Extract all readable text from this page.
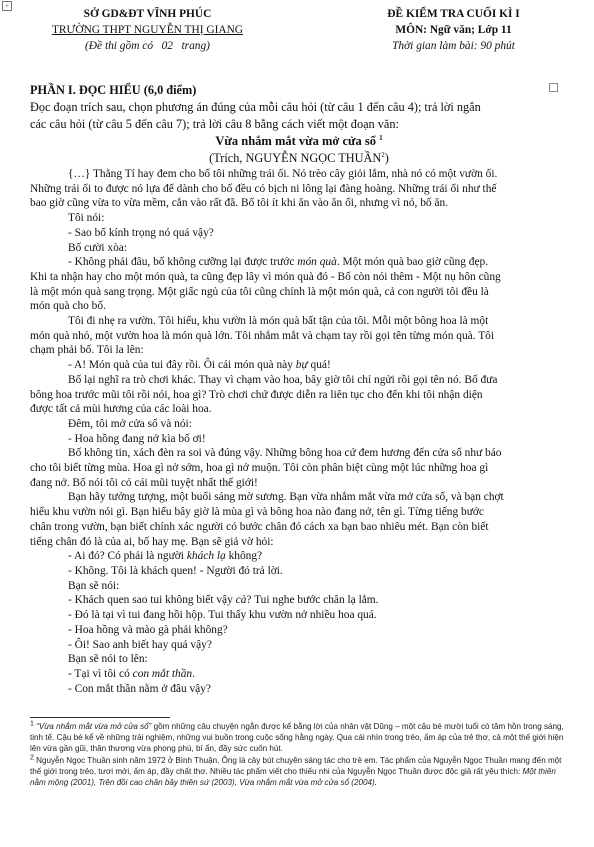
+
SỞ GD&ĐT VĨNH PHÚC
TRƯỜNG THPT NGUYỄN THỊ GIANG
(Đề thi gồm có   02   trang)
ĐỀ KIỂM TRA CUỐI KÌ I
MÔN: Ngữ văn; Lớp 11
Thời gian làm bài: 90 phút
PHẦN I. ĐỌC HIỂU (6,0 điểm)
Đọc đoạn trích sau, chọn phương án đúng của mỗi câu hỏi (từ câu 1 đến câu 4); trả lời ngắn
các câu hỏi (từ câu 5 đến câu 7); trả lời câu 8 bằng cách viết một đoạn văn:
Vừa nhắm mắt vừa mở cửa sổ $^1$
(Trích, NGUYỄN NGỌC THUẦN$^2$)
{…} Thằng Tí hay đem cho bố tôi những trái ổi. Nó trèo cây giỏi lắm, nhà nó có một vườn ổi.
Những trái ổi to được nó lựa để dành cho bố đều có bịch ni lông lại đàng hoàng. Những trái ổi như thế
bao giờ cũng vừa to vừa mềm, cắn vào rất đã. Bố tôi ít khi ăn vào ăn ổi, nhưng vì nó, bố ăn.
Tôi nói:
- Sao bố kính trọng nó quá vậy?
Bố cười xòa:
- Không phải đâu, bố không cưỡng lại được trước món quà. Một món quà bao giờ cũng đẹp.
Khi ta nhận hay cho một món quà, ta cũng đẹp lây vì món quà đó - Bố còn nói thêm - Một nụ hôn cũng
là một món quà sang trọng. Một giấc ngủ của tôi cũng chính là một món quà, cả con người tôi đều là
món quà cho bố.
Tôi đi nhẹ ra vườn. Tôi hiểu, khu vườn là món quà bất tận của tôi. Mỗi một bông hoa là một
món quà nhỏ, một vườn hoa là món quà lớn. Tôi nhắm mắt và chạm tay rồi gọi tên từng món quà. Tôi
chạm phải bố. Tôi la lên:
- A! Món quà của tui đây rồi. Ôi cái món quà này bự quá!
Bố lại nghĩ ra trò chơi khác. Thay vì chạm vào hoa, bây giờ tôi chỉ ngửi rồi gọi tên nó. Bố đưa
bông hoa trước mũi tôi rồi nói, hoa gì? Trò chơi chứ được diễn ra liên tục cho đến khi tôi nhận diện
được tất cả mùi hương của các loài hoa.
Đêm, tôi mở cửa sổ và nói:
- Hoa hồng đang nở kìa bố ơi!
Bố không tin, xách đèn ra soi và đúng vậy. Những bông hoa cứ đem hương đến cửa sổ như báo
cho tôi biết từng mùa. Hoa gì nở sớm, hoa gì nở muộn. Tôi còn phân biệt cùng một lúc những hoa gì
đang nở. Bố nói tôi có cái mũi tuyệt nhất thế giới!
Bạn hãy tưởng tượng, một buổi sáng mờ sương. Bạn vừa nhắm mắt vừa mở cửa sổ, và bạn chợt
hiểu khu vườn nói gì. Bạn hiểu bây giờ là mùa gì và bông hoa nào đang nở, tên gì. Từng tiếng bước
chân trong vườn, bạn biết chính xác người có bước chân đó cách xa bạn bao nhiêu mét. Bạn còn biết
tiếng chân đó là của ai, bố hay mẹ. Bạn sẽ giả vờ hỏi:
- Ai đó? Có phải là người khách lạ không?
- Không. Tôi là khách quen! - Người đó trả lời.
Bạn sẽ nói:
- Khách quen sao tui không biết vậy cà? Tui nghe bước chân lạ lắm.
- Đó là tại vì tui đang hồi hộp. Tui thấy khu vườn nở nhiều hoa quá.
- Hoa hồng và mào gà phải không?
- Ôi! Sao anh biết hay quá vậy?
Bạn sẽ nói to lên:
- Tại vì tôi có con mắt thần.
- Con mắt thần nằm ở đâu vậy?

$^1$ “Vừa nhắm mắt vừa mở cửa sổ” gồm những câu chuyện ngắn được kể bằng lời của nhân vật Dũng – một cậu bé mười tuổi có tâm hồn trong sáng, tinh tế. Cậu bé kể về những trải nghiệm, những vui buồn trong cuộc sống hằng ngày. Qua cái nhìn trong trẻo, ấm áp của trẻ thơ, cả một thế giới hiện lên vừa gần gũi, thân thương vừa phong phú, bí ẩn, đầy sức cuốn hút.

$^2$ Nguyễn Ngọc Thuần sinh năm 1972 ở Bình Thuận. Ông là cây bút chuyên sáng tác cho trẻ em. Tác phẩm của Nguyễn Ngọc Thuần mang đến một thế giới trong trẻo, tươi mới, ấm áp, đầy chất thơ. Nhiều tác phẩm viết cho thiếu nhi của Nguyễn Ngọc Thuần được độc giả rất yêu thích: Một thiên nằm mộng (2001), Trên đồi cao chăn bầy thiên sứ (2003), Vừa nhắm mắt vừa mở cửa sổ (2004).
